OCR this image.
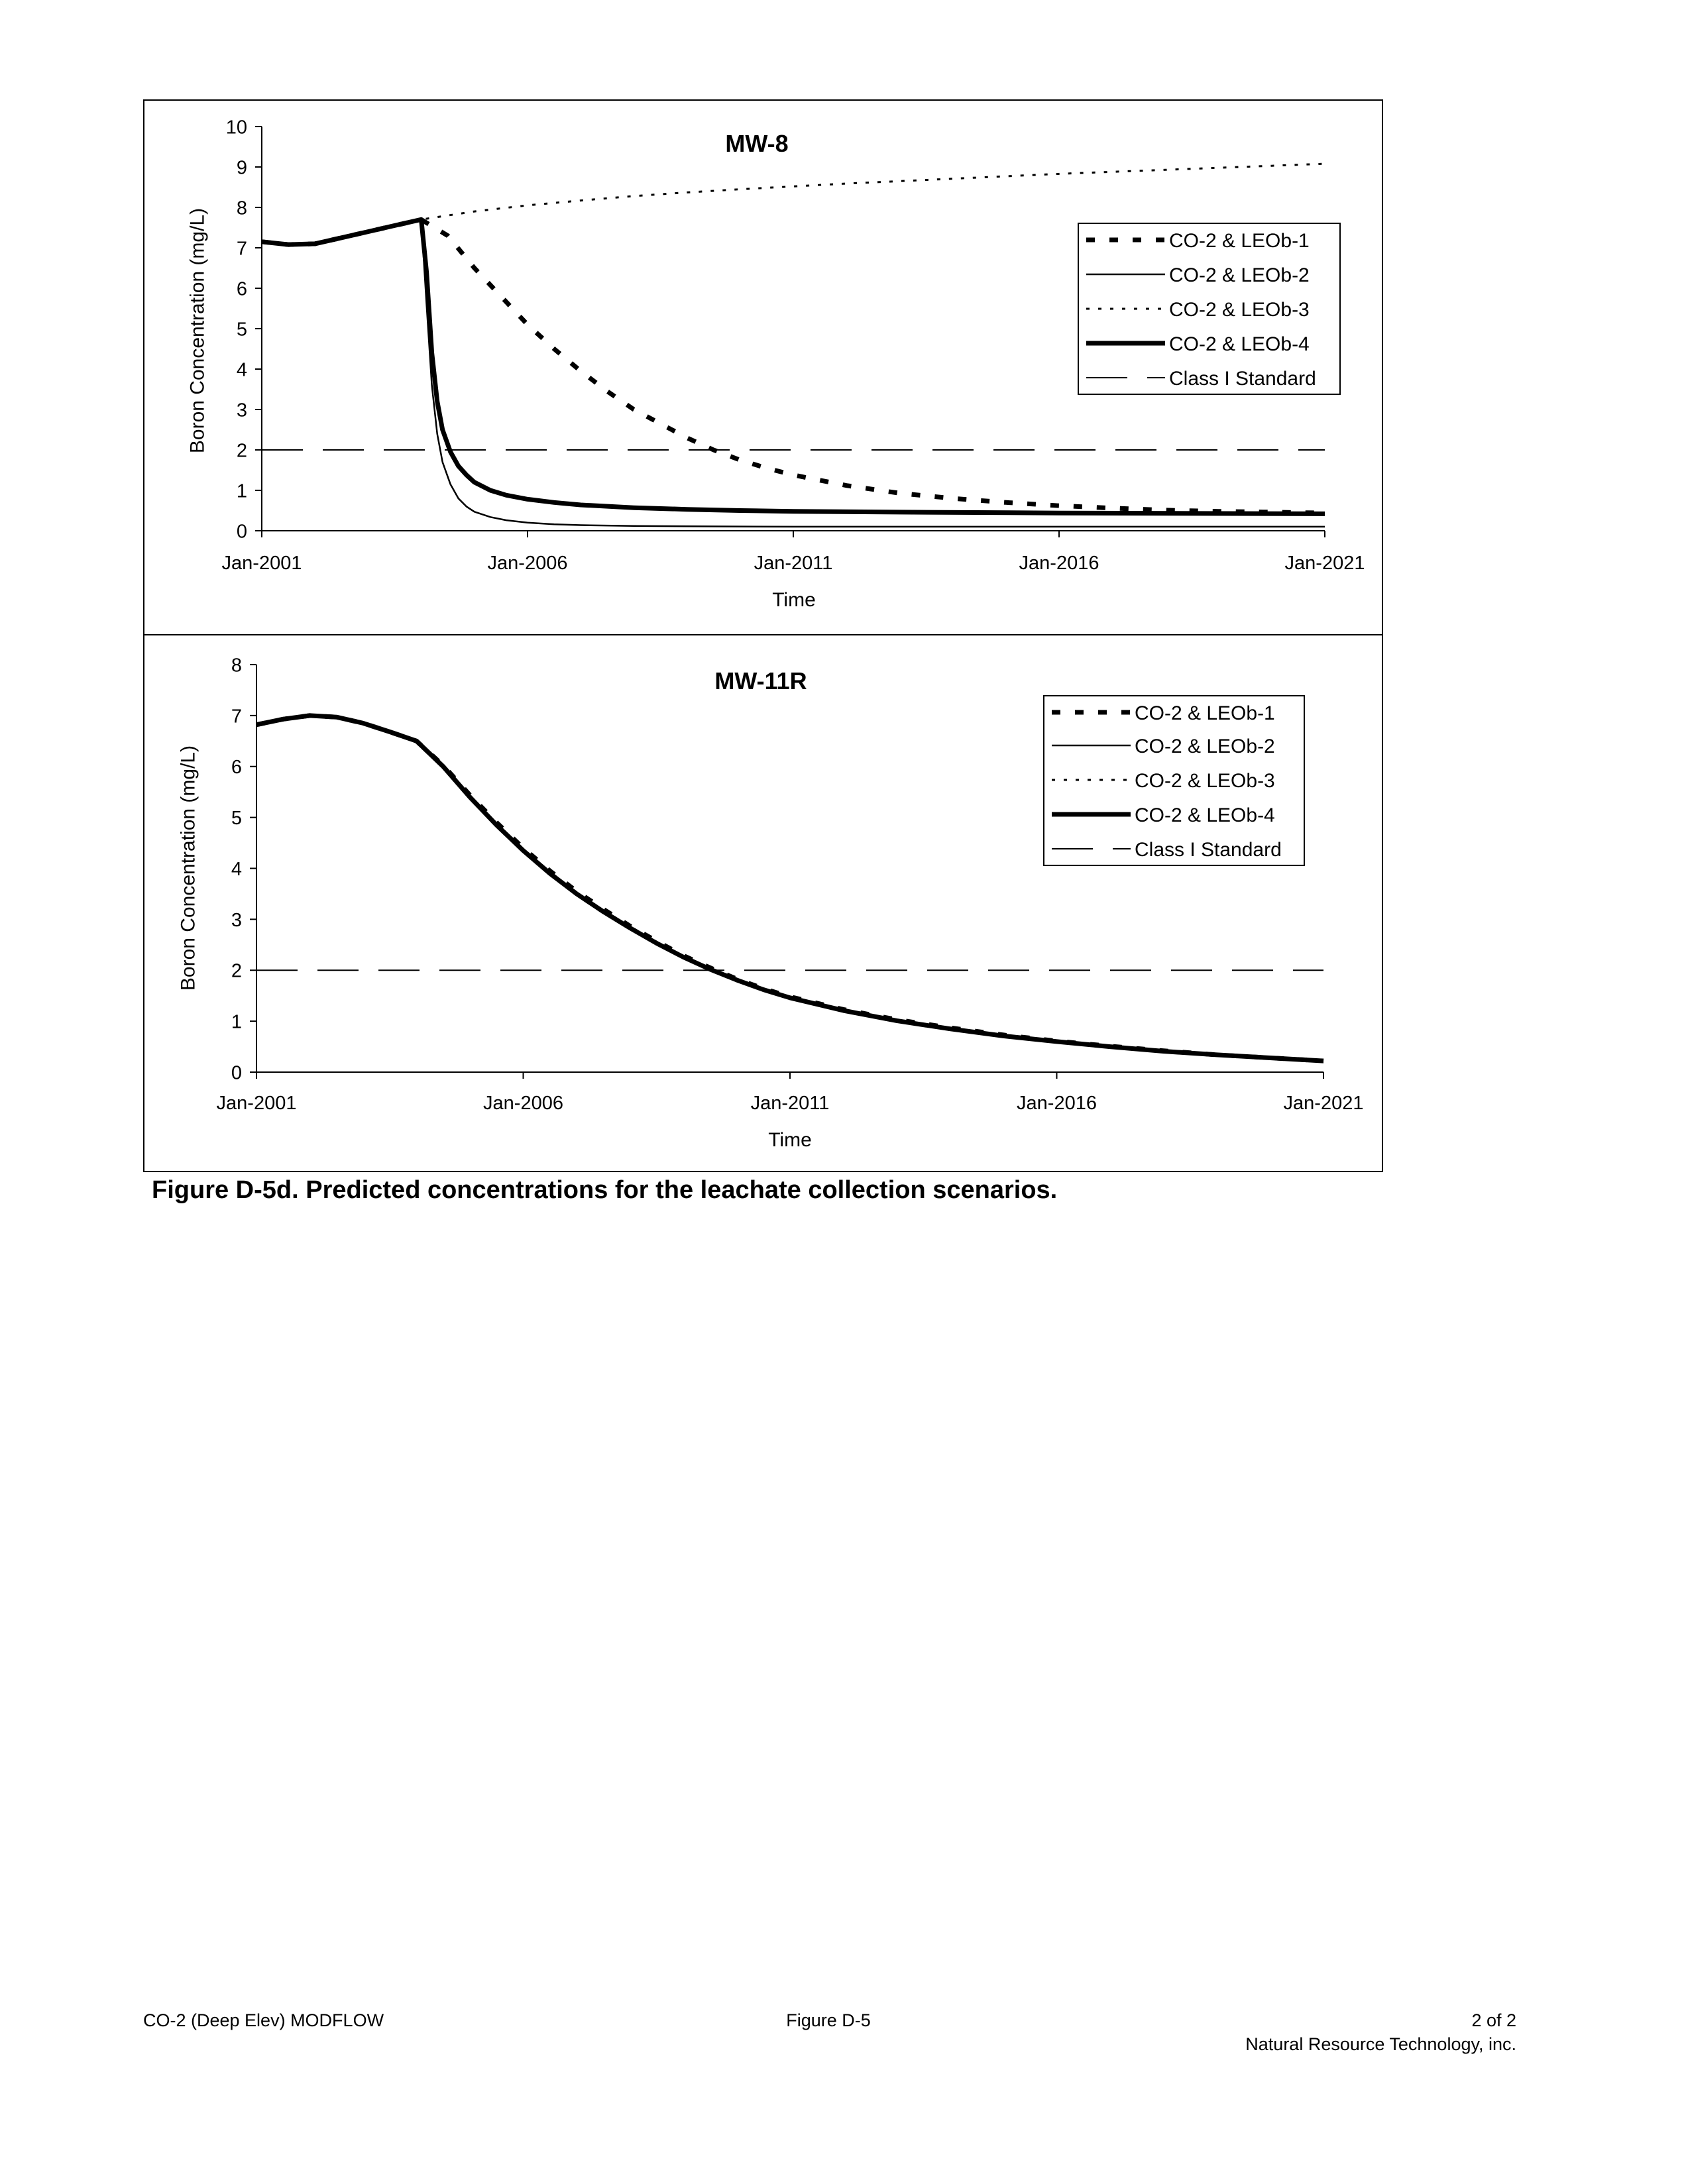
0
1
2
3
4
5
6
7
8
9
10
Jan-2001	Jan-2006	Jan-2011	Jan-2016	Jan-2021
MW-8
Time
Boron Concentration (mg/L)	CO-2 & LEOb-1
CO-2 & LEOb-2
CO-2 & LEOb-3
CO-2 & LEOb-4
Class I Standard
0
1
2
3
4
5
6
7
8
Jan-2001	Jan-2006	Jan-2011	Jan-2016	Jan-2021
MW-11R
Time
Boron Concentration (mg/L)
CO-2 & LEOb-1
CO-2 & LEOb-2
CO-2 & LEOb-3
CO-2 & LEOb-4
Class I Standard
Figure D-5d. Predicted concentrations for the leachate collection scenarios.
CO-2 (Deep Elev) MODFLOW	Figure D-5	2 of 2
Natural Resource Technology, inc.
